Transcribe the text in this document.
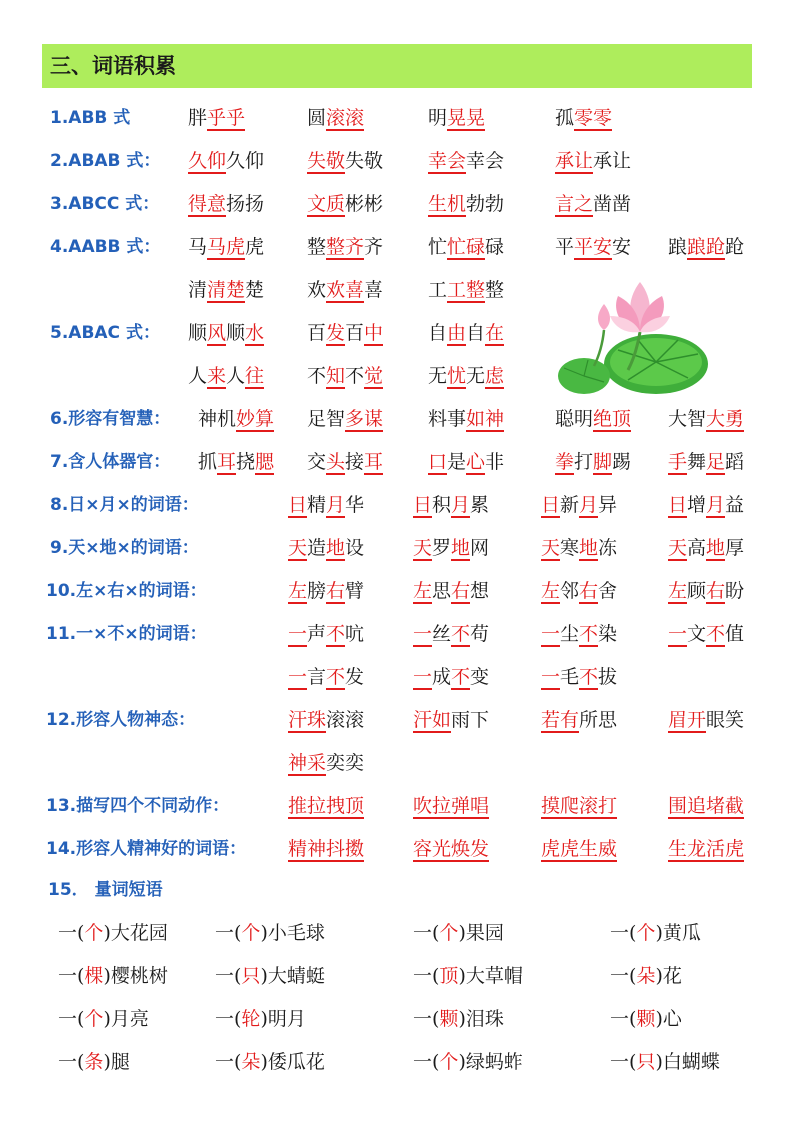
三、词语积累
1.ABB 式	胖乎乎	圆滚滚	明晃晃	孤零零
2.ABAB 式： 久仰久仰 失敬失敬 幸会幸会	承让承让
3.ABCC 式： 得意扬扬 文质彬彬 生机勃勃	言之凿凿
4.AABB 式： 马马虎虎 整整齐齐 忙忙碌碌	平平安安 踉踉跄跄
清清楚楚 欢欢喜喜 工工整整
5.ABAC 式： 顺风顺水 百发百中 自由自在
人来人往 不知不觉 无忧无虑
6.形容有智慧： 神机妙算 足智多谋 料事如神	聪明绝顶 大智大勇
7.含人体器官： 抓耳挠腮 交头接耳 口是心非	拳打脚踢 手舞足蹈
8.日×月×的词语：	日精月华	日积月累	日新月异	日增月益
9.天×地×的词语：	天造地设	天罗地网	天寒地冻	天高地厚
10.左×右×的词语：	左膀右臂	左思右想	左邻右舍	左顾右盼
11.一×不×的词语：	一声不吭	一丝不苟	一尘不染	一文不值
一言不发	一成不变	一毛不拔
12.形容人物神态：	汗珠滚滚	汗如雨下	若有所思	眉开眼笑
神采奕奕
13.描写四个不同动作：	推拉拽顶	吹拉弹唱	摸爬滚打	围追堵截
14.形容人精神好的词语： 精神抖擞	容光焕发	虎虎生威	生龙活虎
15． 量词短语
一(个)大花园 一(个)小毛球	一(个)果园	一(个)黄瓜
一(棵)樱桃树 一(只)大蜻蜓	一(顶)大草帽	一(朵)花
一(个)月亮	一(轮)明月	一(颗)泪珠	一(颗)心
一(条)腿	一(朵)倭瓜花	一(个)绿蚂蚱	一(只)白蝴蝶
